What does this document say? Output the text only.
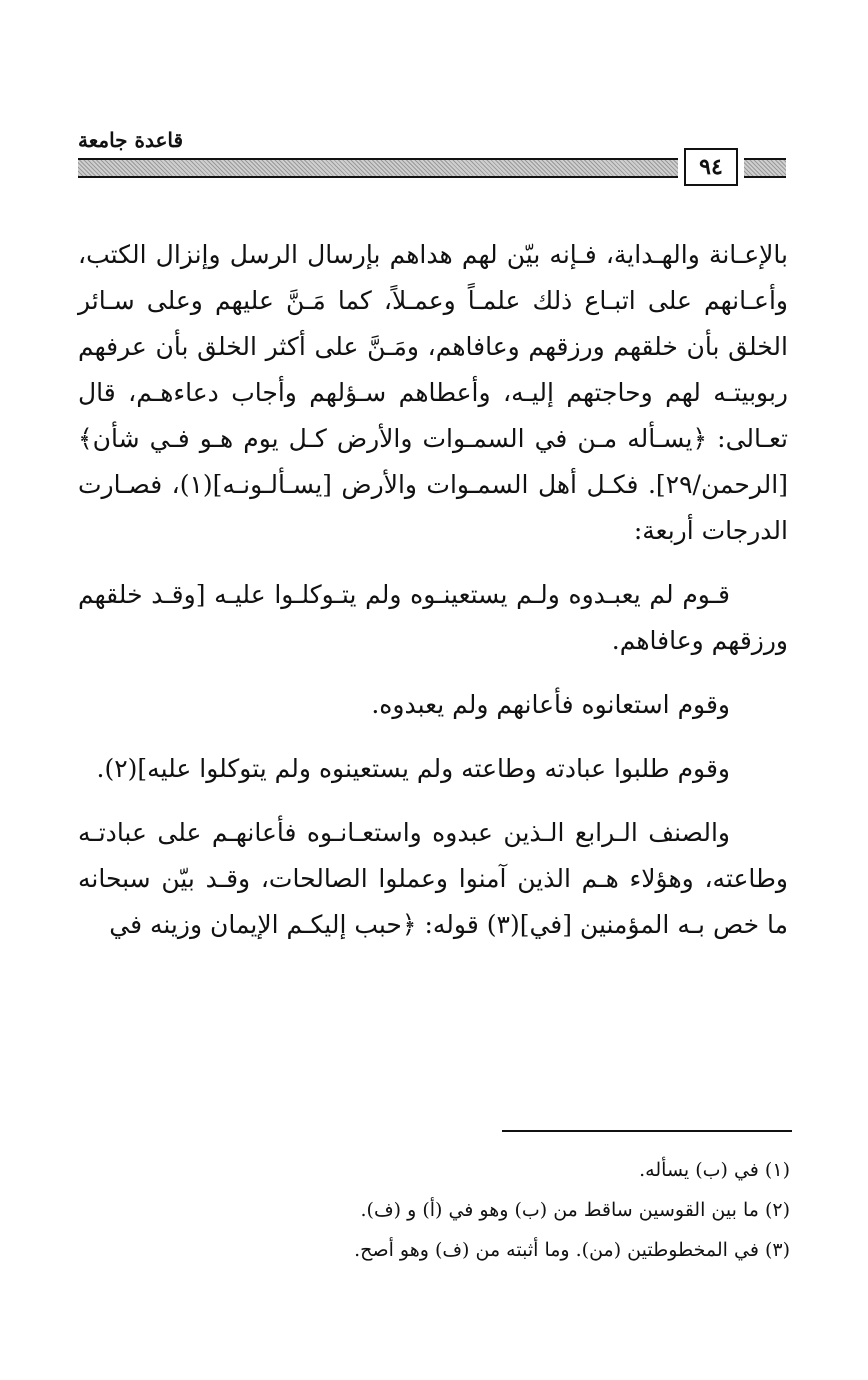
قاعدة جامعة
٩٤

بالإعـانة والهـداية، فـإنه بيّن لهم هداهم بإرسال الرسل وإنزال الكتب، وأعـانهم على اتبـاع ذلك علمـاً وعمـلاً، كما مَـنَّ عليهم وعلى سـائر الخلق بأن خلقهم ورزقهم وعافاهم، ومَـنَّ على أكثر الخلق بأن عرفهم ربوبيتـه لهم وحاجتهم إليـه، وأعطاهم سـؤلهم وأجاب دعاءهـم، قال تعـالى: ﴿يسـأله مـن في السمـوات والأرض كـل يوم هـو فـي شأن﴾ [الرحمن/٢٩]. فكـل أهل السمـوات والأرض [يسـألـونـه](١)، فصـارت الدرجات أربعة:

قـوم لم يعبـدوه ولـم يستعينـوه ولم يتـوكلـوا عليـه [وقـد خلقهم ورزقهم وعافاهم.

وقوم استعانوه فأعانهم ولم يعبدوه.

وقوم طلبوا عبادته وطاعته ولم يستعينوه ولم يتوكلوا عليه](٢).

والصنف الـرابع الـذين عبدوه واستعـانـوه فأعانهـم على عبادتـه وطاعته، وهؤلاء هـم الذين آمنوا وعملوا الصالحات، وقـد بيّن سبحانه ما خص بـه المؤمنين [في](٣) قوله: ﴿حبب إليكـم الإيمان وزينه في

(١) في (ب) يسأله.
(٢) ما بين القوسين ساقط من (ب) وهو في (أ) و (ف).
(٣) في المخطوطتين (من). وما أثبته من (ف) وهو أصح.
